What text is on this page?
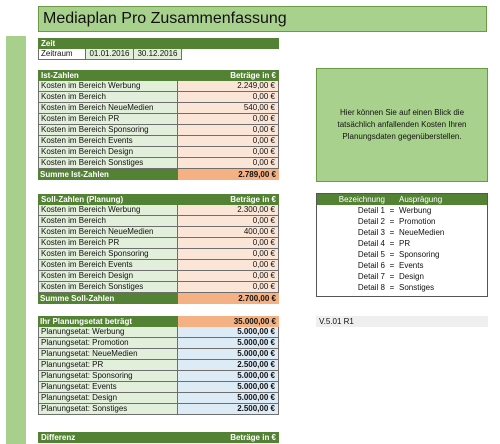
Mediaplan Pro Zusammenfassung
Zeit
Zeitraum	01.01.2016 30.12.2016
Ist-Zahlen	Beträge in €
Kosten im Bereich Werbung	2.249,00 €
Kosten im Bereich	0,00 €
Kosten im Bereich NeueMedien	540,00 €
Kosten im Bereich PR	0,00 €
Kosten im Bereich Sponsoring	0,00 €
Kosten im Bereich Events	0,00 €
Kosten im Bereich Design	0,00 €
Kosten im Bereich Sonstiges	0,00 €
Summe Ist-Zahlen	2.789,00 €
Soll-Zahlen (Planung)	Beträge in €
Kosten im Bereich Werbung	2.300,00 €
Kosten im Bereich	0,00 €
Kosten im Bereich NeueMedien	400,00 €
Kosten im Bereich PR	0,00 €
Kosten im Bereich Sponsoring	0,00 €
Kosten im Bereich Events	0,00 €
Kosten im Bereich Design	0,00 €
Kosten im Bereich Sonstiges	0,00 €
Summe Soll-Zahlen	2.700,00 €
Ihr Planungsetat beträgt	35.000,00 €
Planungsetat: Werbung	5.000,00 €
Planungsetat: Promotion	5.000,00 €
Planungsetat: NeueMedien	5.000,00 €
Planungsetat: PR	2.500,00 €
Planungsetat: Sponsoring	5.000,00 €
Planungsetat: Events	5.000,00 €
Planungsetat: Design	5.000,00 €
Planungsetat: Sonstiges	2.500,00 €
Differenz	Beträge in €
Hier können Sie auf einen Blick die tatsächlich anfallenden Kosten Ihren Planungsdaten gegenüberstellen.
Bezeichnung Ausprägung
Detail 1 = Werbung
Detail 2 = Promotion
Detail 3 = NeueMedien
Detail 4 = PR
Detail 5 = Sponsoring
Detail 6 = Events
Detail 7 = Design
Detail 8 = Sonstiges
V.5.01 R1
